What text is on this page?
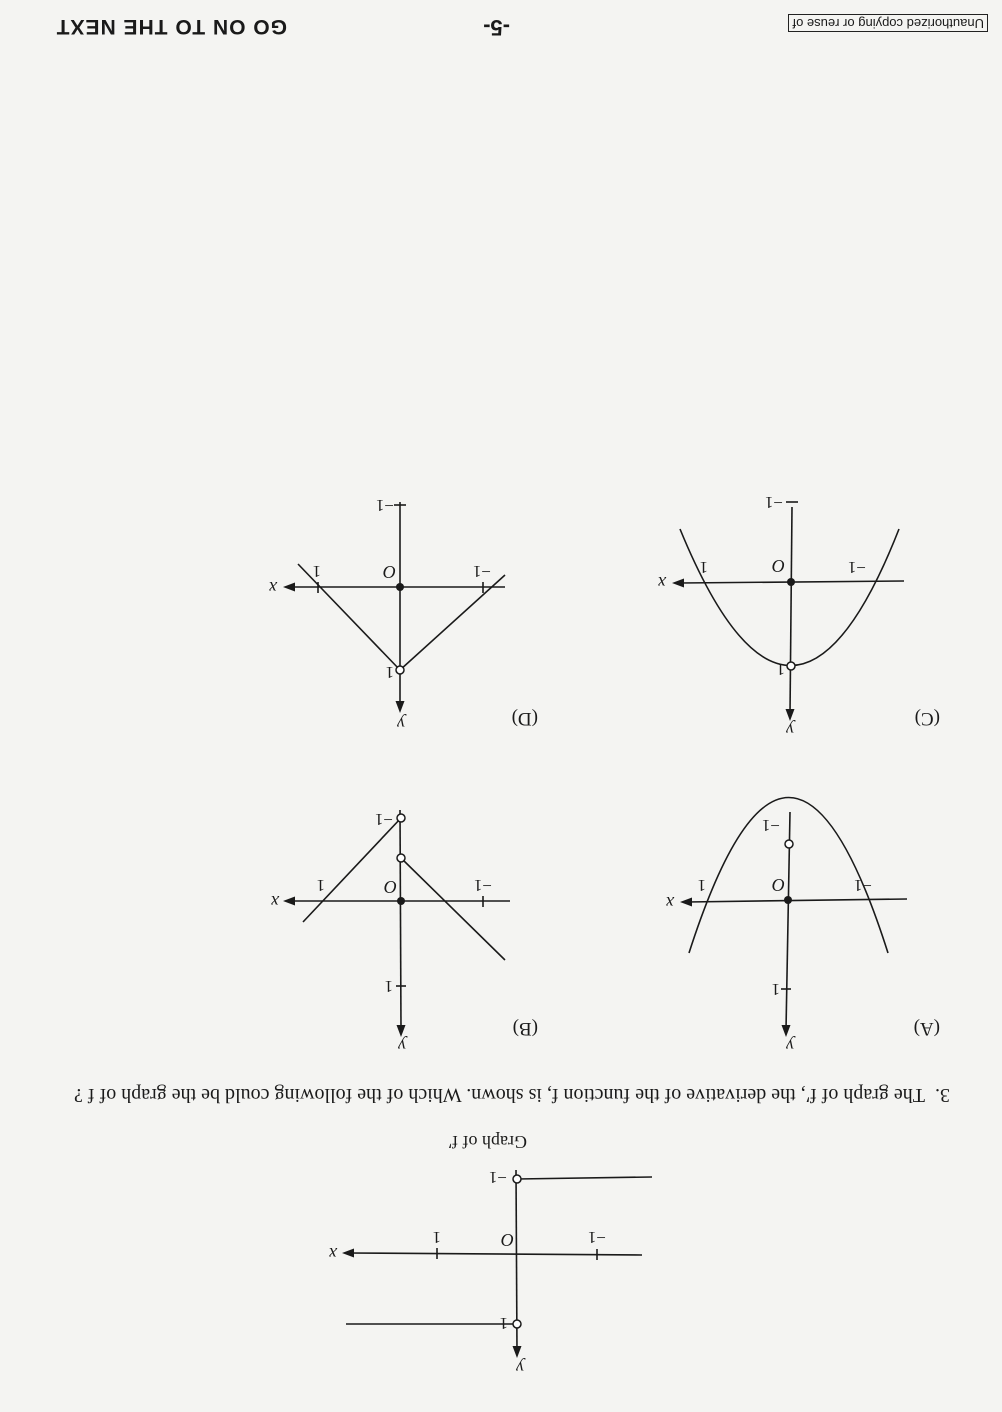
x
y
O	−1
1
1
−1
Graph of f′
3.The graph of f′, the derivative of the function f, is shown. Which of the following could be the graph of f ?
(A)
(B)
(C)
(D)
x
y
O	−1
1
1
−1
x
y
O	−1
1
1
−1
x
y
O	−1
1
1
−1
x
y
O	−1
1
1
−1
Unauthorized copying or reuse of
-5-
GO ON TO THE NEXT
